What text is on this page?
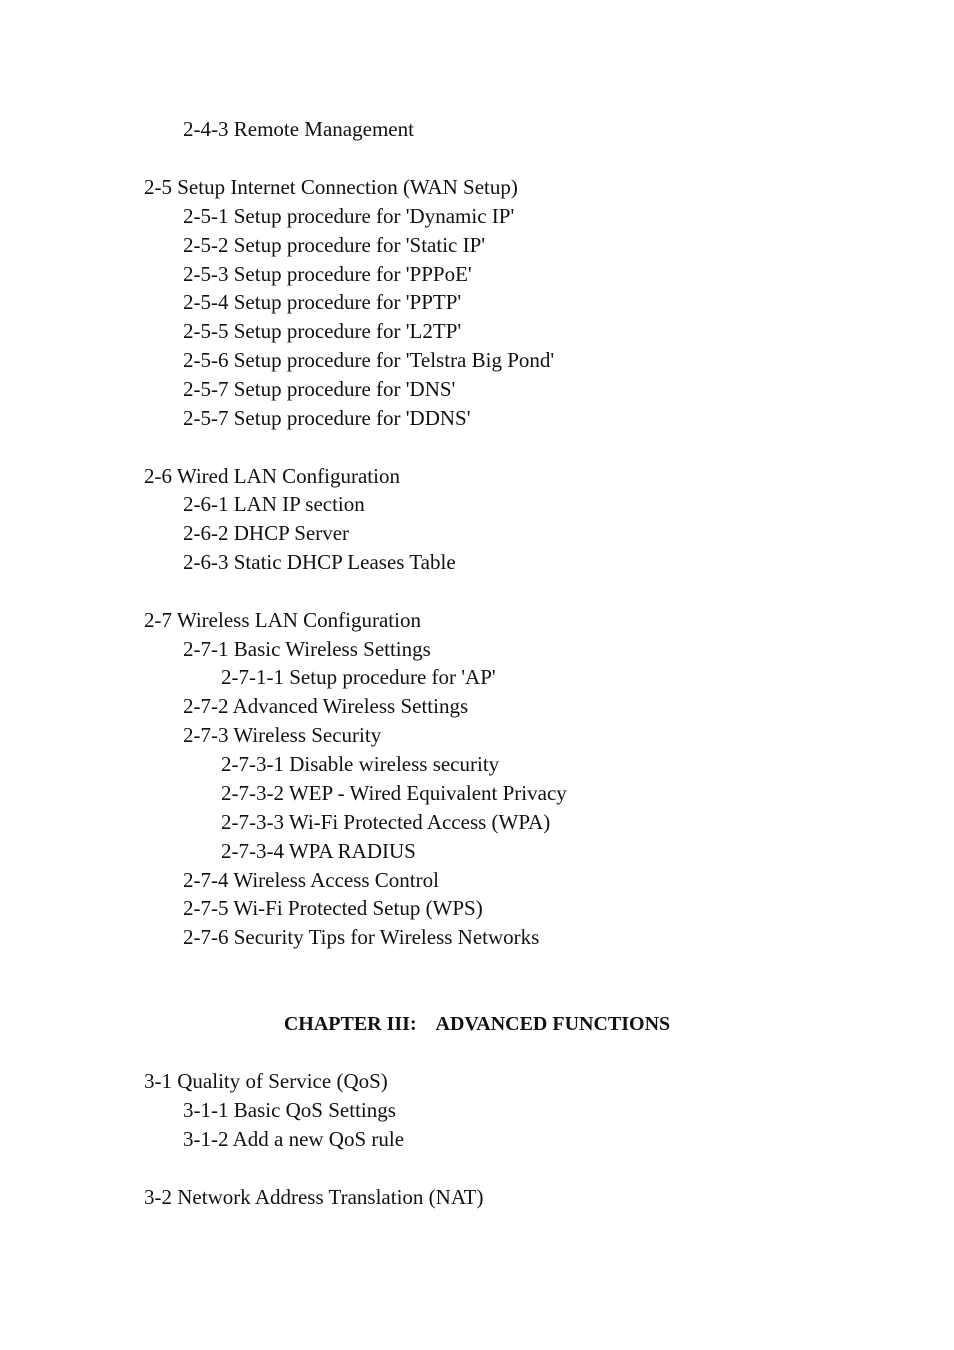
2-4-3 Remote Management
2-5 Setup Internet Connection (WAN Setup)
2-5-1 Setup procedure for 'Dynamic IP'
2-5-2 Setup procedure for 'Static IP'
2-5-3 Setup procedure for 'PPPoE'
2-5-4 Setup procedure for 'PPTP'
2-5-5 Setup procedure for 'L2TP'
2-5-6 Setup procedure for 'Telstra Big Pond'
2-5-7 Setup procedure for 'DNS'
2-5-7 Setup procedure for 'DDNS'
2-6 Wired LAN Configuration
2-6-1 LAN IP section
2-6-2 DHCP Server
2-6-3 Static DHCP Leases Table
2-7 Wireless LAN Configuration
2-7-1 Basic Wireless Settings
2-7-1-1 Setup procedure for 'AP'
2-7-2 Advanced Wireless Settings
2-7-3 Wireless Security
2-7-3-1 Disable wireless security
2-7-3-2 WEP - Wired Equivalent Privacy
2-7-3-3 Wi-Fi Protected Access (WPA)
2-7-3-4 WPA RADIUS
2-7-4 Wireless Access Control
2-7-5 Wi-Fi Protected Setup (WPS)
2-7-6 Security Tips for Wireless Networks
CHAPTER III:    ADVANCED FUNCTIONS
3-1 Quality of Service (QoS)
3-1-1 Basic QoS Settings
3-1-2 Add a new QoS rule
3-2 Network Address Translation (NAT)
